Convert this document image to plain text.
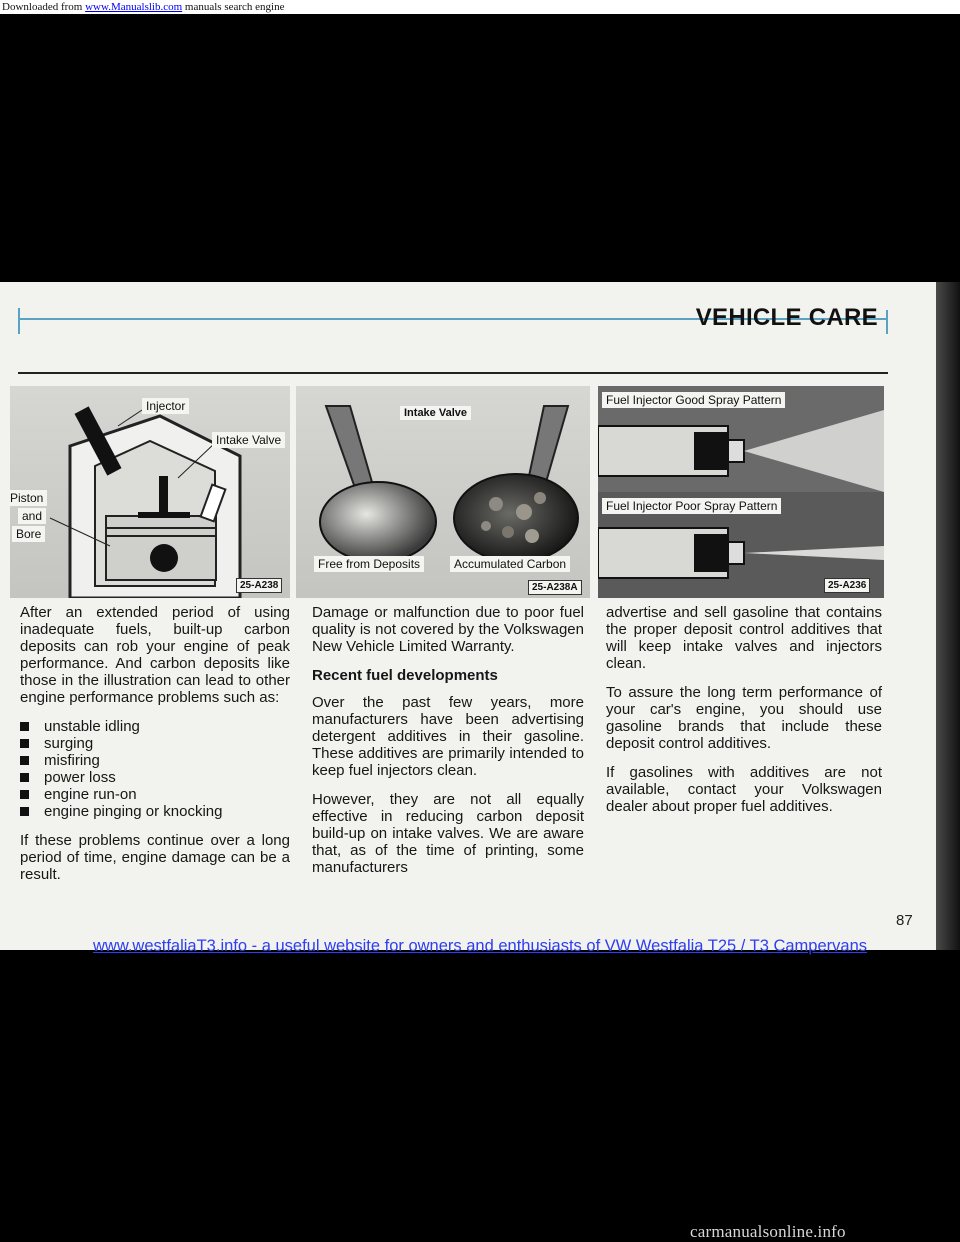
Downloaded from www.Manualslib.com manuals search engine
VEHICLE CARE
Injector
Intake Valve
Piston
and
Bore
25-A238
Intake Valve
Free from Deposits	Accumulated Carbon
25-A238A
Fuel Injector Good Spray Pattern
Fuel Injector Poor Spray Pattern
25-A236

After an extended period of using inadequate fuels, built-up carbon deposits can rob your engine of peak performance. And carbon deposits like those in the illustration can lead to other engine performance problems such as:

unstable idling
surging
misfiring
power loss
engine run-on
engine pinging or knocking

If these problems continue over a long period of time, engine damage can be a result.

Damage or malfunction due to poor fuel quality is not covered by the Volkswagen New Vehicle Limited Warranty.

Recent fuel developments

Over the past few years, more manufacturers have been advertising detergent additives in their gasoline. These additives are primarily intended to keep fuel injectors clean.

However, they are not all equally effective in reducing carbon deposit build-up on intake valves. We are aware that, as of the time of printing, some manufacturers

advertise and sell gasoline that contains the proper deposit control additives that will keep intake valves and injectors clean.

To assure the long term performance of your car's engine, you should use gasoline brands that include these deposit control additives.

If gasolines with additives are not available, contact your Volkswagen dealer about proper fuel additives.

87
www.westfaliaT3.info - a useful website for owners and enthusiasts of VW Westfalia T25 / T3 Campervans
carmanualsonline.info
